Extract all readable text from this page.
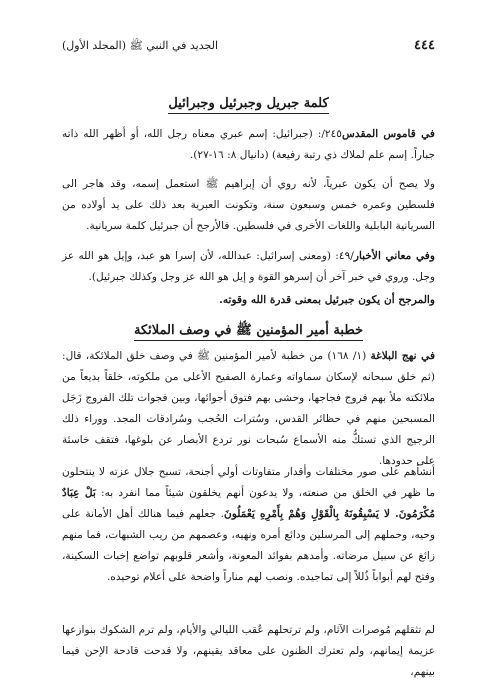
٤٤٤
الجديد في النبي ﷺ (المجلد الأول)
كلمة جبريل وجبرئيل وجبرائيل
في قاموس المقدس٢٤٥/: (جبرائيل: إسم عبري معناه رجل الله، أو أظهر الله ذاته جباراً. إسم علم لملاك ذي رتبة رفيعة) (دانيال ٨: ١٦-٢٧).
ولا يصح أن يكون عبرياً، لأنه روي أن إبراهيم ﷺ استعمل إسمه، وقد هاجر الى فلسطين وعمره خمس وسبعون سنة، وتكونت العبرية بعد ذلك على يد أولاده من السريانية البابلية واللغات الأخرى في فلسطين. فالأرجح أن جبرئيل كلمة سريانية.
وفي معاني الأخبار/٤٩: (ومعنى إسرائيل: عبدالله، لأن إسرا هو عبد، وإيل هو الله عز وجل. وروي في خبر آخر أن إسرهو القوة و إيل هو الله عز وجل وكذلك جبرئيل).
والمرجح أن يكون جبرئيل بمعنى قدرة الله وقوته.
خطبة أمير المؤمنين ﷺ في وصف الملائكة
في نهج البلاغة (١/ ١٦٨) من خطبة لأمير المؤمنين ﷺ في وصف خلق الملائكة، قال: (ثم خلق سبحانه لإسكان سماواته وعمارة الصفيح الأعلى من ملكوته، خلقاً بديعاً من ملائكته ملأ بهم فروج فجاجها، وحشى بهم فتوق أجوائها، وبين فجوات تلك الفروج زَجَل المسبحين منهم في حظائر القدس، وسُترات الحُجب وسُرادقات المجد. ووراء ذلك الرجيج الذي تستكُّ منه الأسماع سُبحات نور تردع الأبصار عن بلوغها، فتقف خاسئة على حدودها.
أنشأهم على صور مختلفات وأقدار متفاوتات أولي أجنحة، تسبح جلال عزته لا ينتحلون ما ظهر في الخلق من صنعته، ولا يدعون أنهم يخلقون شيئاً مما انفرد به: بَلْ عِبَادٌ مُكْرَمُونَ. لا يَسْبِقُونَهُ بِالْقَوْلِ وَهُمْ بِأَمْرِهِ يَعْمَلُونَ. جعلهم فيما هنالك أهل الأمانة على وحيه، وحملهم إلى المرسلين ودائع أمره ونهيه، وعصمهم من ريب الشبهات، فما منهم زائغ عن سبيل مرضاته. وأمدهم بفوائد المعونة، وأشعر قلوبهم تواضع إخبات السكينة، وفتح لهم أبواباً ذُللاً إلى تماجيده. ونصب لهم مناراً واضحة على أعلام توحيده.
لم تثقلهم مُوصرات الآثام، ولم ترتحلهم عُقب الليالي والأيام، ولم ترم الشكوك بنوازعها عزيمة إيمانهم، ولم تعترك الظنون على معاقد يقينهم، ولا قدحت قادحة الإحن فيما بينهم،
